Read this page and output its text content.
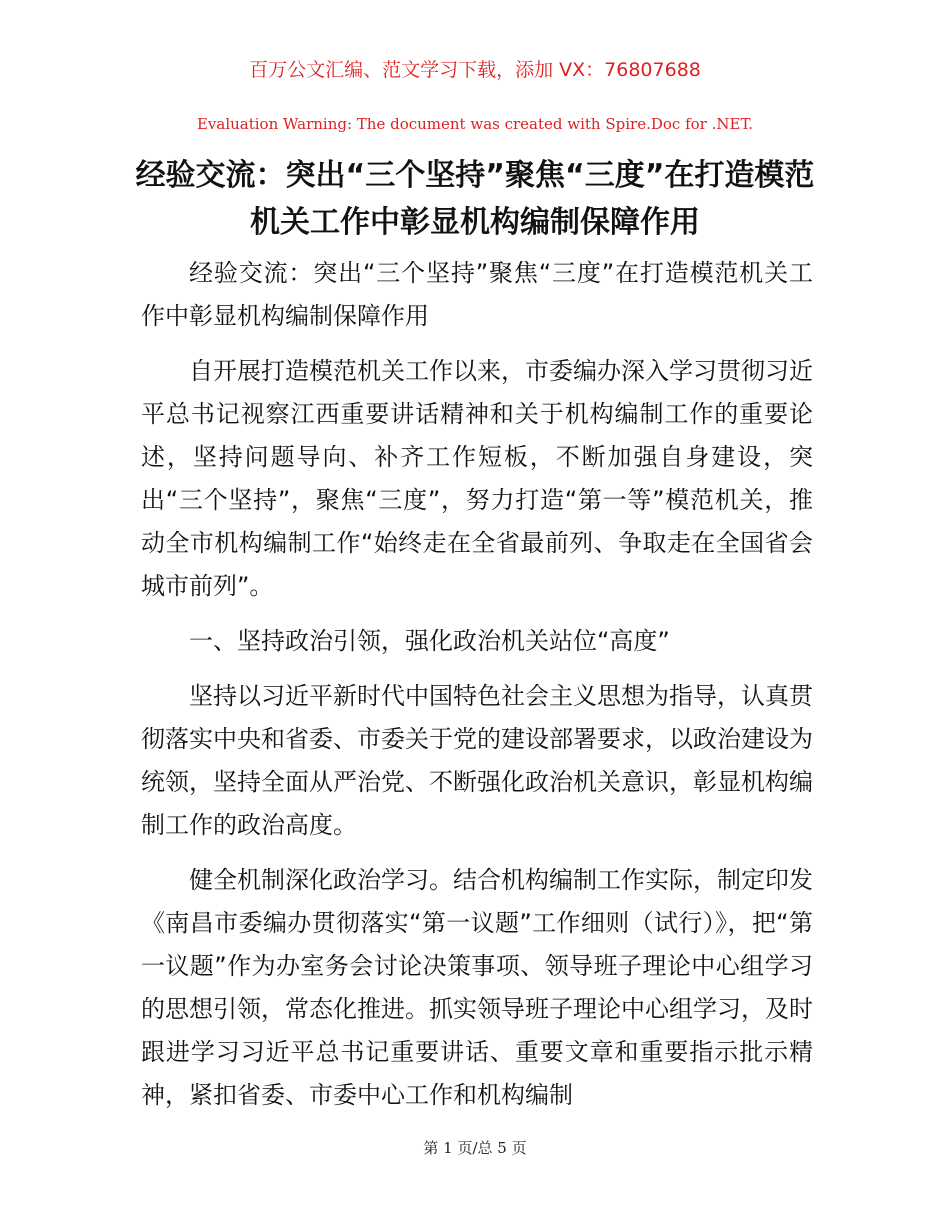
百万公文汇编、范文学习下载，添加 VX：76807688
Evaluation Warning: The document was created with Spire.Doc for .NET.
经验交流：突出“三个坚持”聚焦“三度”在打造模范机关工作中彰显机构编制保障作用

经验交流：突出“三个坚持”聚焦“三度”在打造模范机关工作中彰显机构编制保障作用

自开展打造模范机关工作以来，市委编办深入学习贯彻习近平总书记视察江西重要讲话精神和关于机构编制工作的重要论述，坚持问题导向、补齐工作短板，不断加强自身建设，突出“三个坚持”，聚焦“三度”，努力打造“第一等”模范机关，推动全市机构编制工作“始终走在全省最前列、争取走在全国省会城市前列”。

一、坚持政治引领，强化政治机关站位“高度”

坚持以习近平新时代中国特色社会主义思想为指导，认真贯彻落实中央和省委、市委关于党的建设部署要求，以政治建设为统领，坚持全面从严治党、不断强化政治机关意识，彰显机构编制工作的政治高度。

健全机制深化政治学习。结合机构编制工作实际，制定印发《南昌市委编办贯彻落实“第一议题”工作细则（试行）》，把“第一议题”作为办室务会讨论决策事项、领导班子理论中心组学习的思想引领，常态化推进。抓实领导班子理论中心组学习，及时跟进学习习近平总书记重要讲话、重要文章和重要指示批示精神，紧扣省委、市委中心工作和机构编制

第 1 页/总 5 页
